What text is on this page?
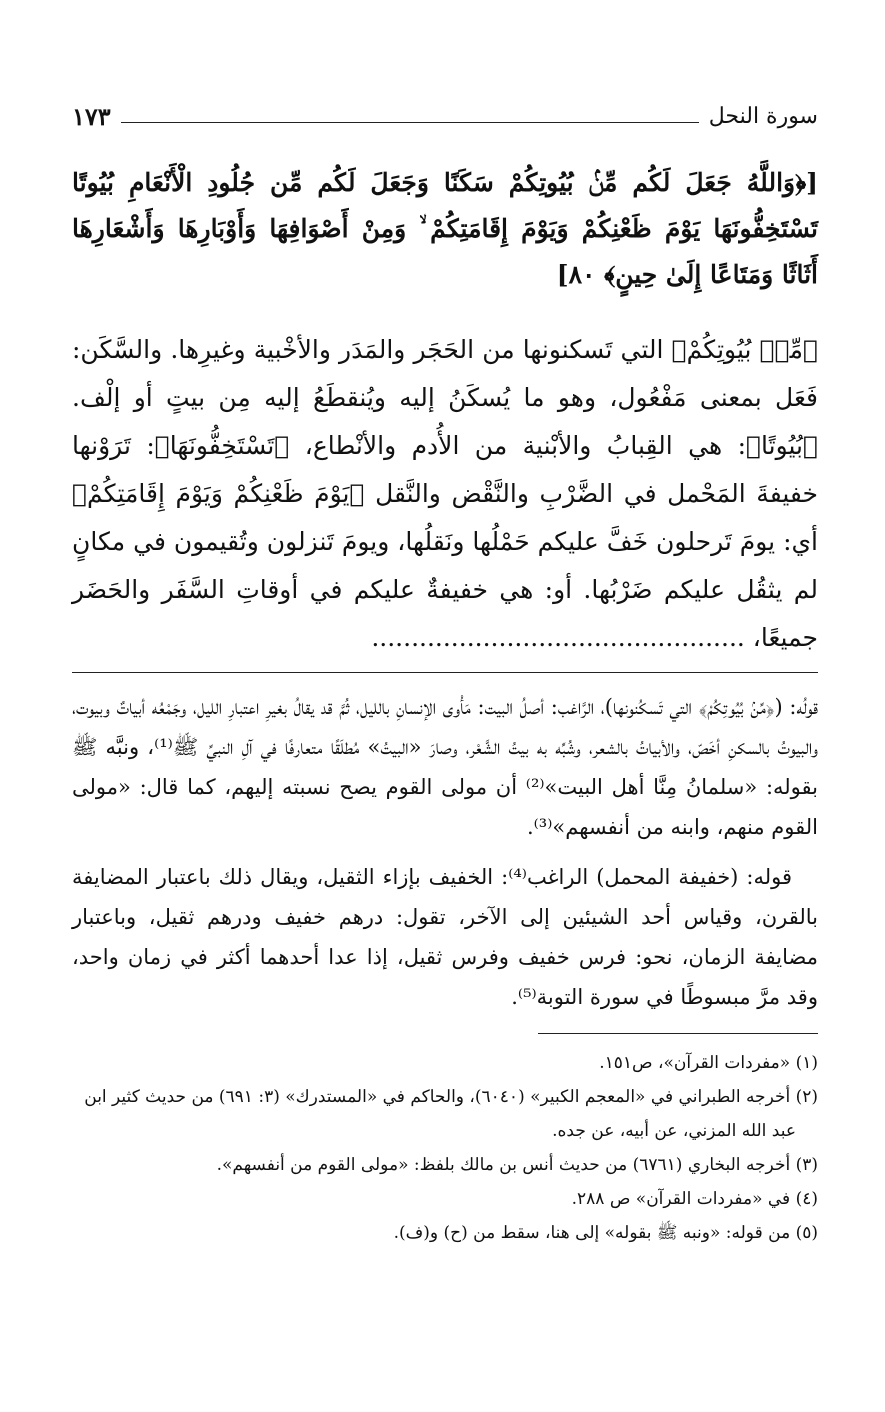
سورة النحل
١٧٣
[﴿وَاللَّهُ جَعَلَ لَكُم مِّنۢ بُيُوتِكُمْ سَكَنًا وَجَعَلَ لَكُم مِّن جُلُودِ الْأَنْعَامِ بُيُوتًا تَسْتَخِفُّونَهَا يَوْمَ ظَعْنِكُمْ وَيَوْمَ إِقَامَتِكُمْ ۙ وَمِنْ أَصْوَافِهَا وَأَوْبَارِهَا وَأَشْعَارِهَا أَثَاثًا وَمَتَاعًا إِلَىٰ حِينٍ﴾ ٨٠]

﴿مِّنۢ بُيُوتِكُمْ﴾ التي تَسكنونها من الحَجَر والمَدَر والأخْبية وغيرِها. والسَّكَن: فَعَل بمعنى مَفْعُول، وهو ما يُسكَنُ إليه ويُنقطَعُ إليه مِن بيتٍ أو إلْف. ﴿بُيُوتًا﴾: هي القِبابُ والأبْنية من الأُدم والأنْطاع، ﴿تَسْتَخِفُّونَهَا﴾: تَرَوْنها خفيفةَ المَحْمل في الضَّرْبِ والنَّقْض والنَّقل ﴿يَوْمَ ظَعْنِكُمْ وَيَوْمَ إِقَامَتِكُمْ﴾ أي: يومَ تَرحلون خَفَّ عليكم حَمْلُها ونَقلُها، ويومَ تَنزلون وتُقيمون في مكانٍ لم يثقُل عليكم ضَرْبُها. أو: هي خفيفةٌ عليكم في أوقاتِ السَّفَر والحَضَر جميعًا، ...............................................

قولُه: (﴿مِّنۢ بُيُوتِكُمْ﴾ التي تَسكُنونها)، الرَّاغب: أصلُ البيت: مَأْوى الإنسانِ بالليل، ثُمَّ قد يقالُ بغيرِ اعتبارِ الليل، وجَمْعُه أبياتٌ وبيوت، والبيوتُ بالسكنِ أخَصّ، والأبياتُ بالشعر، وشُبِّه به بيتُ الشَّعْر، وصارَ «البيتُ» مُطلَقًا متعارفًا في آلِ النبيِّ ﷺ⁽¹⁾، ونبَّه ﷺ بقوله: «سلمانُ مِنَّا أهل البيت»⁽²⁾ أن مولى القوم يصح نسبته إليهم، كما قال: «مولى القوم منهم، وابنه من أنفسهم»⁽³⁾.

قوله: (خفيفة المحمل) الراغب⁽⁴⁾: الخفيف بإزاء الثقيل، ويقال ذلك باعتبار المضايفة بالقرن، وقياس أحد الشيئين إلى الآخر، تقول: درهم خفيف ودرهم ثقيل، وباعتبار مضايفة الزمان، نحو: فرس خفيف وفرس ثقيل، إذا عدا أحدهما أكثر في زمان واحد، وقد مرَّ مبسوطًا في سورة التوبة⁽⁵⁾.

(١) «مفردات القرآن»، ص١٥١.

(٢) أخرجه الطبراني في «المعجم الكبير» (٦٠٤٠)، والحاكم في «المستدرك» (٣: ٦٩١) من حديث كثير ابن عبد الله المزني، عن أبيه، عن جده.

(٣) أخرجه البخاري (٦٧٦١) من حديث أنس بن مالك بلفظ: «مولى القوم من أنفسهم».

(٤) في «مفردات القرآن» ص ٢٨٨.

(٥) من قوله: «ونبه ﷺ بقوله» إلى هنا، سقط من (ح) و(ف).
